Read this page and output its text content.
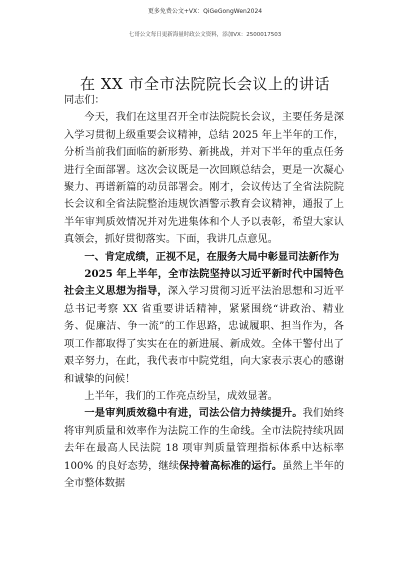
更多免费公文+VX：QiGeGongWen2024
七哥公文每日更新海量时政公文资料，添加VX：2500017503
在 XX 市全市法院院长会议上的讲话

同志们：

今天，我们在这里召开全市法院院长会议，主要任务是深入学习贯彻上级重要会议精神，总结 2025 年上半年的工作，分析当前我们面临的新形势、新挑战，并对下半年的重点任务进行全面部署。这次会议既是一次回顾总结会，更是一次凝心聚力、再谱新篇的动员部署会。刚才，会议传达了全省法院院长会议和全省法院整治违规饮酒警示教育会议精神，通报了上半年审判质效情况并对先进集体和个人予以表彰，希望大家认真领会，抓好贯彻落实。下面，我讲几点意见。

一、肯定成绩，正视不足，在服务大局中彰显司法新作为

2025 年上半年，全市法院坚持以习近平新时代中国特色社会主义思想为指导，深入学习贯彻习近平法治思想和习近平总书记考察 XX 省重要讲话精神，紧紧围绕“讲政治、精业务、促廉洁、争一流”的工作思路，忠诚履职、担当作为，各项工作都取得了实实在在的新进展、新成效。全体干警付出了艰辛努力，在此，我代表市中院党组，向大家表示衷心的感谢和诚挚的问候！

上半年，我们的工作亮点纷呈，成效显著。

一是审判质效稳中有进，司法公信力持续提升。我们始终将审判质量和效率作为法院工作的生命线。全市法院持续巩固去年在最高人民法院 18 项审判质量管理指标体系中达标率 100% 的良好态势，继续保持着高标准的运行。虽然上半年的全市整体数据
